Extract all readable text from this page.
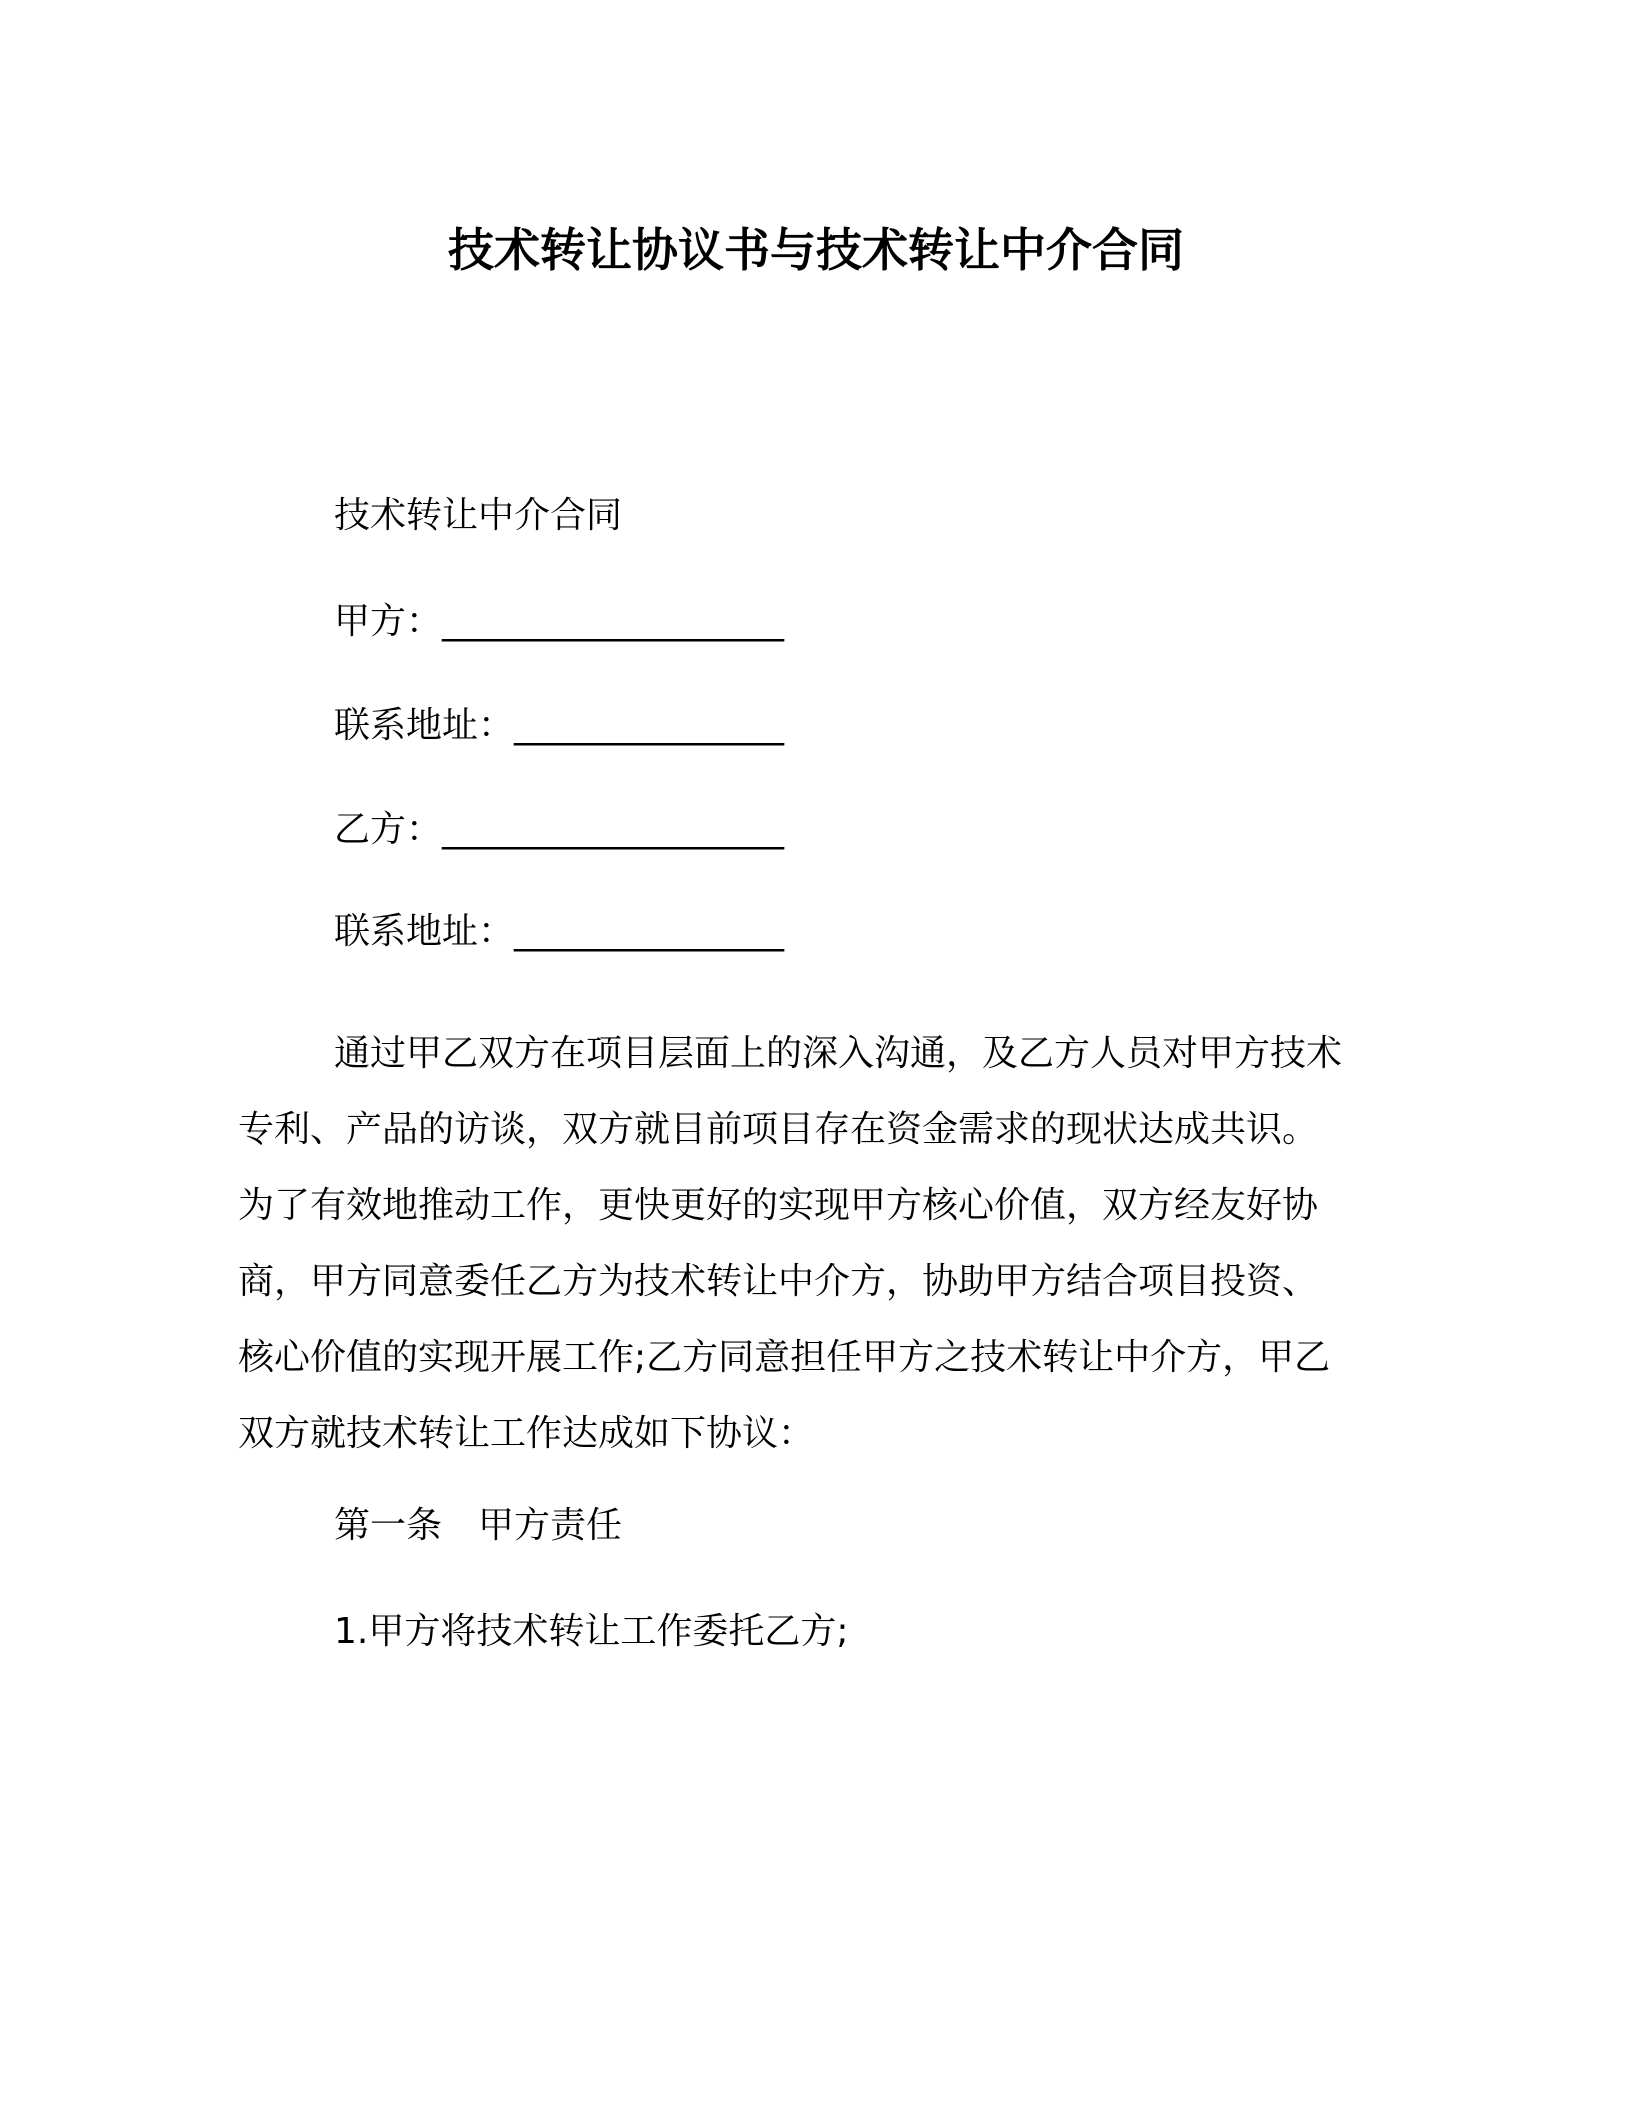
技术转让协议书与技术转让中介合同
技术转让中介合同
甲方：___________________
联系地址：_______________
乙方：___________________
联系地址：_______________
通过甲乙双方在项目层面上的深入沟通，及乙方人员对甲方技术
专利、产品的访谈，双方就目前项目存在资金需求的现状达成共识。
为了有效地推动工作，更快更好的实现甲方核心价值，双方经友好协
商，甲方同意委任乙方为技术转让中介方，协助甲方结合项目投资、
核心价值的实现开展工作;乙方同意担任甲方之技术转让中介方，甲乙
双方就技术转让工作达成如下协议：
第一条　甲方责任
1.甲方将技术转让工作委托乙方;
